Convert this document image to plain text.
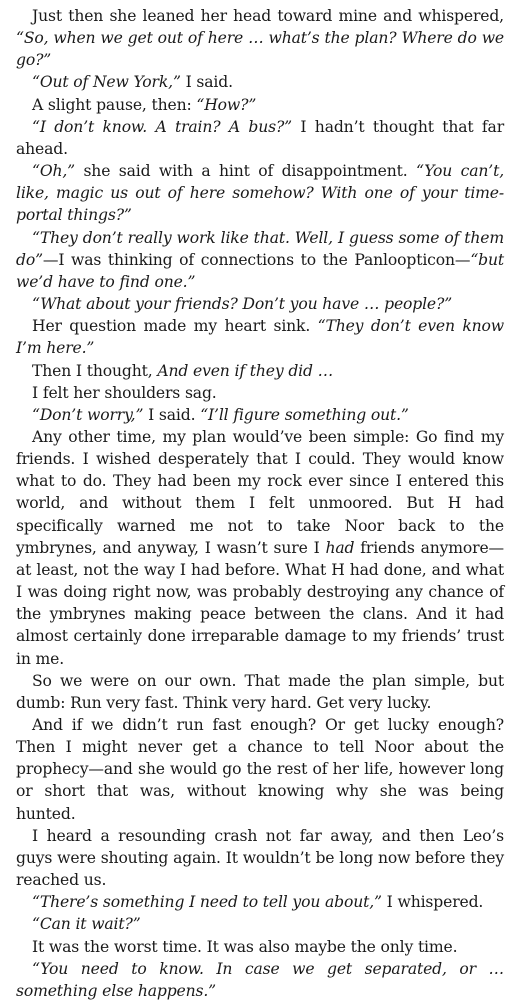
Just then she leaned her head toward mine and whispered, “So, when we get out of here … what’s the plan? Where do we go?”

“Out of New York,” I said.

A slight pause, then: “How?”

“I don’t know. A train? A bus?” I hadn’t thought that far ahead.

“Oh,” she said with a hint of disappointment. “You can’t, like, magic us out of here somehow? With one of your time-portal things?”

“They don’t really work like that. Well, I guess some of them do”—I was thinking of connections to the Panloopticon—“but we’d have to find one.”

“What about your friends? Don’t you have … people?”

Her question made my heart sink. “They don’t even know I’m here.”

Then I thought, And even if they did …

I felt her shoulders sag.

“Don’t worry,” I said. “I’ll figure something out.”

Any other time, my plan would’ve been simple: Go find my friends. I wished desperately that I could. They would know what to do. They had been my rock ever since I entered this world, and without them I felt unmoored. But H had specifically warned me not to take Noor back to the ymbrynes, and anyway, I wasn’t sure I had friends anymore—at least, not the way I had before. What H had done, and what I was doing right now, was probably destroying any chance of the ymbrynes making peace between the clans. And it had almost certainly done irreparable damage to my friends’ trust in me.

So we were on our own. That made the plan simple, but dumb: Run very fast. Think very hard. Get very lucky.

And if we didn’t run fast enough? Or get lucky enough? Then I might never get a chance to tell Noor about the prophecy—and she would go the rest of her life, however long or short that was, without knowing why she was being hunted.

I heard a resounding crash not far away, and then Leo’s guys were shouting again. It wouldn’t be long now before they reached us.

“There’s something I need to tell you about,” I whispered.

“Can it wait?”

It was the worst time. It was also maybe the only time.

“You need to know. In case we get separated, or … something else happens.”
